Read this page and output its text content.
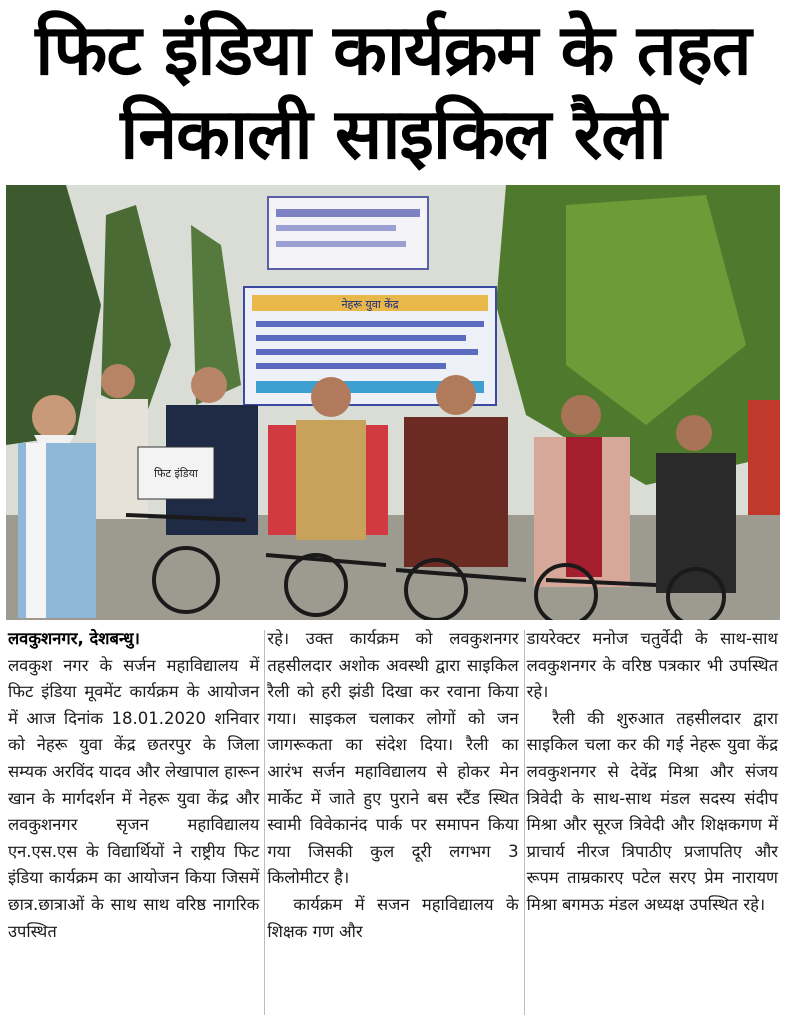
फिट इंडिया कार्यक्रम के तहत
निकाली साइकिल रैली
नेहरू युवा केंद्र
फिट इंडिया

लवकुशनगर, देशबन्धु।
लवकुश नगर के सर्जन महाविद्यालय में फिट इंडिया मूवमेंट कार्यक्रम के आयोजन में आज दिनांक 18.01.2020 शनिवार को नेहरू युवा केंद्र छतरपुर के जिला सम्यक अरविंद यादव और लेखापाल हारून खान के मार्गदर्शन में नेहरू युवा केंद्र और लवकुशनगर सृजन महाविद्यालय एन.एस.एस के विद्यार्थियों ने राष्ट्रीय फिट इंडिया कार्यक्रम का आयोजन किया जिसमें छात्र.छात्राओं के साथ साथ वरिष्ठ नागरिक उपस्थित

रहे। उक्त कार्यक्रम को लवकुशनगर तहसीलदार अशोक अवस्थी द्वारा साइकिल रैली को हरी झंडी दिखा कर रवाना किया गया। साइकल चलाकर लोगों को जन जागरूकता का संदेश दिया। रैली का आरंभ सर्जन महाविद्यालय से होकर मेन मार्केट में जाते हुए पुराने बस स्टैंड स्थित स्वामी विवेकानंद पार्क पर समापन किया गया जिसकी कुल दूरी लगभग 3 किलोमीटर है।

कार्यक्रम में सजन महाविद्यालय के शिक्षक गण और

डायरेक्टर मनोज चतुर्वेदी के साथ-साथ लवकुशनगर के वरिष्ठ पत्रकार भी उपस्थित रहे।

रैली की शुरुआत तहसीलदार द्वारा साइकिल चला कर की गई नेहरू युवा केंद्र लवकुशनगर से देवेंद्र मिश्रा और संजय त्रिवेदी के साथ-साथ मंडल सदस्य संदीप मिश्रा और सूरज त्रिवेदी और शिक्षकगण में प्राचार्य नीरज त्रिपाठीए प्रजापतिए और रूपम ताम्रकारए पटेल सरए प्रेम नारायण मिश्रा बगमऊ मंडल अध्यक्ष उपस्थित रहे।
